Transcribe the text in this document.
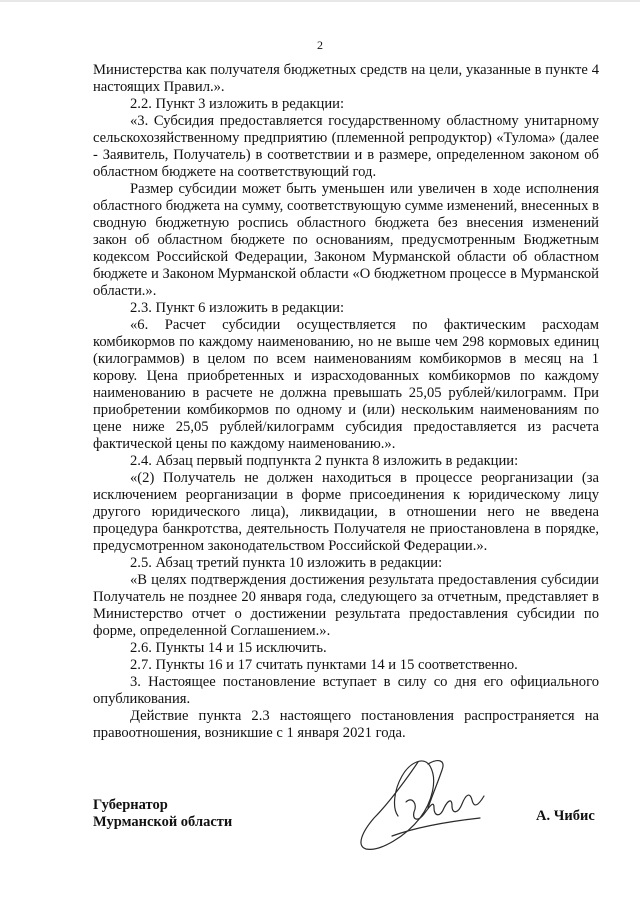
2

Министерства как получателя бюджетных средств на цели, указанные в пункте 4 настоящих Правил.».

2.2. Пункт 3 изложить в редакции:

«3. Субсидия предоставляется государственному областному унитарному сельскохозяйственному предприятию (племенной репродуктор) «Тулома» (далее - Заявитель, Получатель) в соответствии и в размере, определенном законом об областном бюджете на соответствующий год.

Размер субсидии может быть уменьшен или увеличен в ходе исполнения областного бюджета на сумму, соответствующую сумме изменений, внесенных в сводную бюджетную роспись областного бюджета без внесения изменений закон об областном бюджете по основаниям, предусмотренным Бюджетным кодексом Российской Федерации, Законом Мурманской области об областном бюджете и Законом Мурманской области «О бюджетном процессе в Мурманской области.».

2.3. Пункт 6 изложить в редакции:

«6. Расчет субсидии осуществляется по фактическим расходам комбикормов по каждому наименованию, но не выше чем 298 кормовых единиц (килограммов) в целом по всем наименованиям комбикормов в месяц на 1 корову. Цена приобретенных и израсходованных комбикормов по каждому наименованию в расчете не должна превышать 25,05 рублей/килограмм. При приобретении комбикормов по одному и (или) нескольким наименованиям по цене ниже 25,05 рублей/килограмм субсидия предоставляется из расчета фактической цены по каждому наименованию.».

2.4. Абзац первый подпункта 2 пункта 8 изложить в редакции:

«(2) Получатель не должен находиться в процессе реорганизации (за исключением реорганизации в форме присоединения к юридическому лицу другого юридического лица), ликвидации, в отношении него не введена процедура банкротства, деятельность Получателя не приостановлена в порядке, предусмотренном законодательством Российской Федерации.».

2.5. Абзац третий пункта 10 изложить в редакции:

«В целях подтверждения достижения результата предоставления субсидии Получатель не позднее 20 января года, следующего за отчетным, представляет в Министерство отчет о достижении результата предоставления субсидии по форме, определенной Соглашением.».

2.6. Пункты 14 и 15 исключить.

2.7. Пункты 16 и 17 считать пунктами 14 и 15 соответственно.

3. Настоящее постановление вступает в силу со дня его официального опубликования.

Действие пункта 2.3 настоящего постановления распространяется на правоотношения, возникшие с 1 января 2021 года.

Губернатор
Мурманской области	А. Чибис
